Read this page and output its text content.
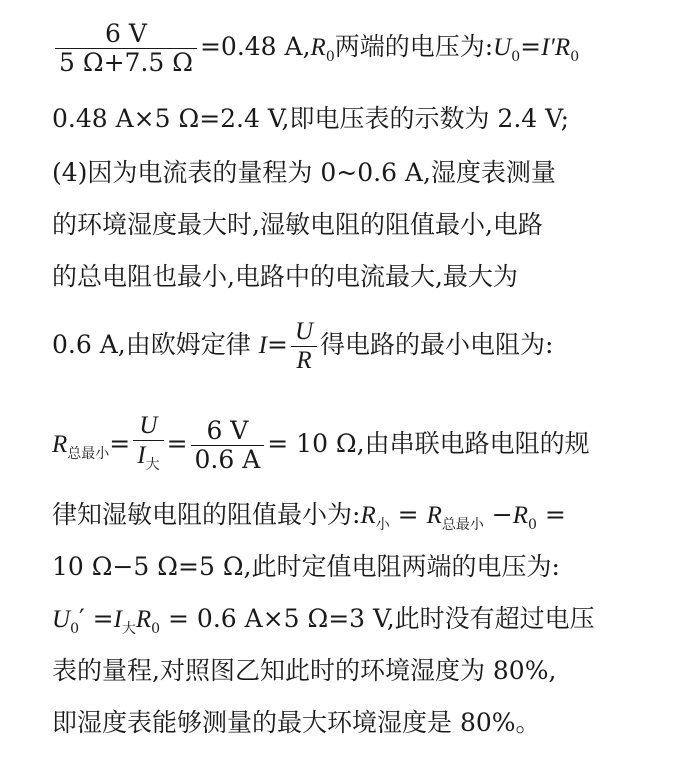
$\frac{6 V}{5 \Omega+7.5 \Omega} =0.48$ $A,R_0$两端的电压为$:U_0=I'R_0$
0.48 A×5 Ω=2.4 V,即电压表的示数为 2.4 V;
(4)因为电流表的量程为 0~0.6 A,湿度表测量
的环境湿度最大时,湿敏电阻的阻值最小,电路
的总电阻也最小,电路中的电流最大,最大为
0.6 A,由欧姆定律 $I= \frac{U}{R}$ 得电路的最小电阻为:
$R_{总最小}= \frac{U}{I_大} = \frac{6 V}{0.6 A} = 10$ Ω,由串联电路电阻的规
律知湿敏电阻的阻值最小为$:R_小 = R_{总最小} -R_0$ =
10 Ω−5 Ω=5 Ω,此时定值电阻两端的电压为:
$U_0' =I_大R_0 = 0.6$ A×5 Ω=3 V,此时没有超过电压
表的量程,对照图乙知此时的环境湿度为 80%,
即湿度表能够测量的最大环境湿度是 80%。
